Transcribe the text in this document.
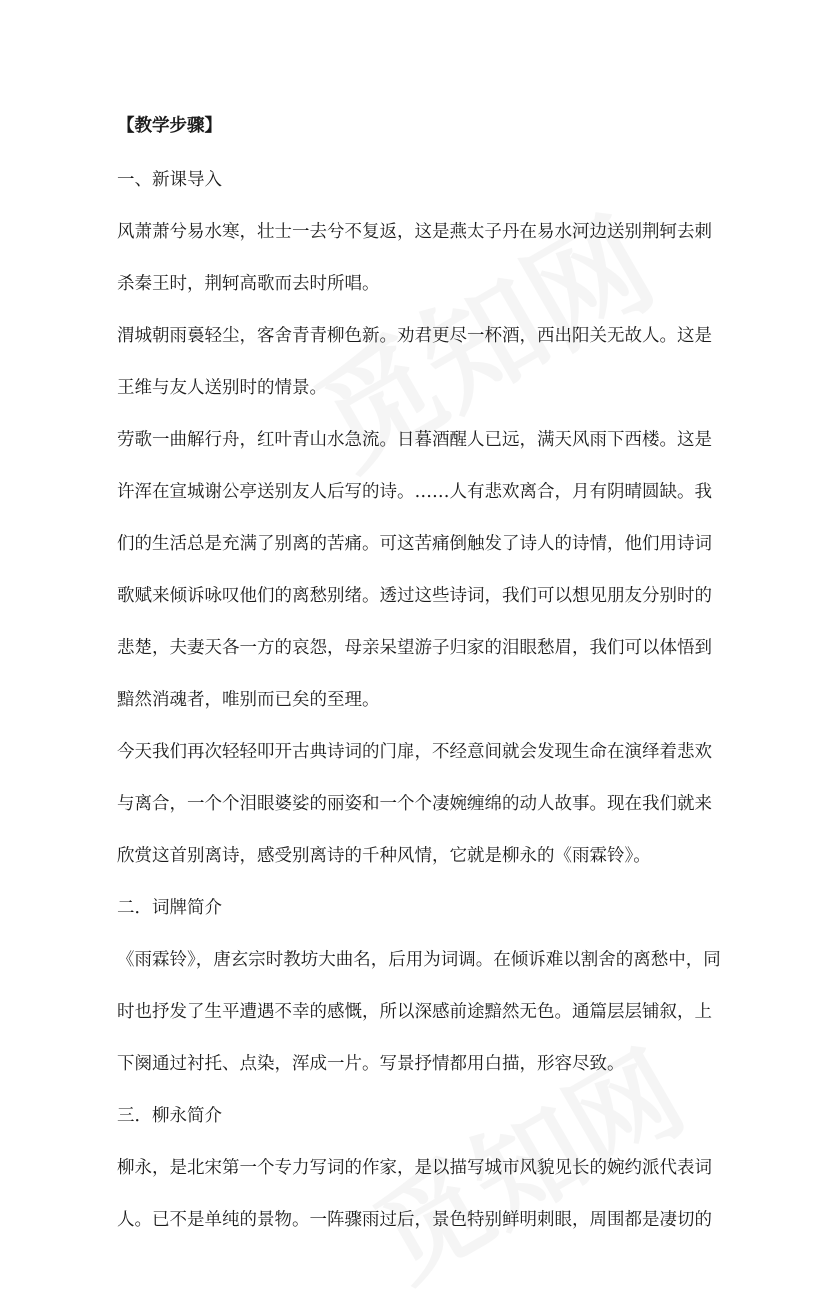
【教学步骤】
一、新课导入
风萧萧兮易水寒，壮士一去兮不复返，这是燕太子丹在易水河边送别荆轲去刺
杀秦王时，荆轲高歌而去时所唱。
渭城朝雨裛轻尘，客舍青青柳色新。劝君更尽一杯酒，西出阳关无故人。这是
王维与友人送别时的情景。
劳歌一曲解行舟，红叶青山水急流。日暮酒醒人已远，满天风雨下西楼。这是
许浑在宣城谢公亭送别友人后写的诗。……人有悲欢离合，月有阴晴圆缺。我
们的生活总是充满了别离的苦痛。可这苦痛倒触发了诗人的诗情，他们用诗词
歌赋来倾诉咏叹他们的离愁别绪。透过这些诗词，我们可以想见朋友分别时的
悲楚，夫妻天各一方的哀怨，母亲呆望游子归家的泪眼愁眉，我们可以体悟到
黯然消魂者，唯别而已矣的至理。
今天我们再次轻轻叩开古典诗词的门扉，不经意间就会发现生命在演绎着悲欢
与离合，一个个泪眼婆娑的丽姿和一个个凄婉缠绵的动人故事。现在我们就来
欣赏这首别离诗，感受别离诗的千种风情，它就是柳永的《雨霖铃》。
二．词牌简介
《雨霖铃》，唐玄宗时教坊大曲名，后用为词调。在倾诉难以割舍的离愁中，同
时也抒发了生平遭遇不幸的感慨，所以深感前途黯然无色。通篇层层铺叙，上
下阕通过衬托、点染，浑成一片。写景抒情都用白描，形容尽致。
三．柳永简介
柳永，是北宋第一个专力写词的作家，是以描写城市风貌见长的婉约派代表词
人。已不是单纯的景物。一阵骤雨过后，景色特别鲜明刺眼，周围都是凄切的
